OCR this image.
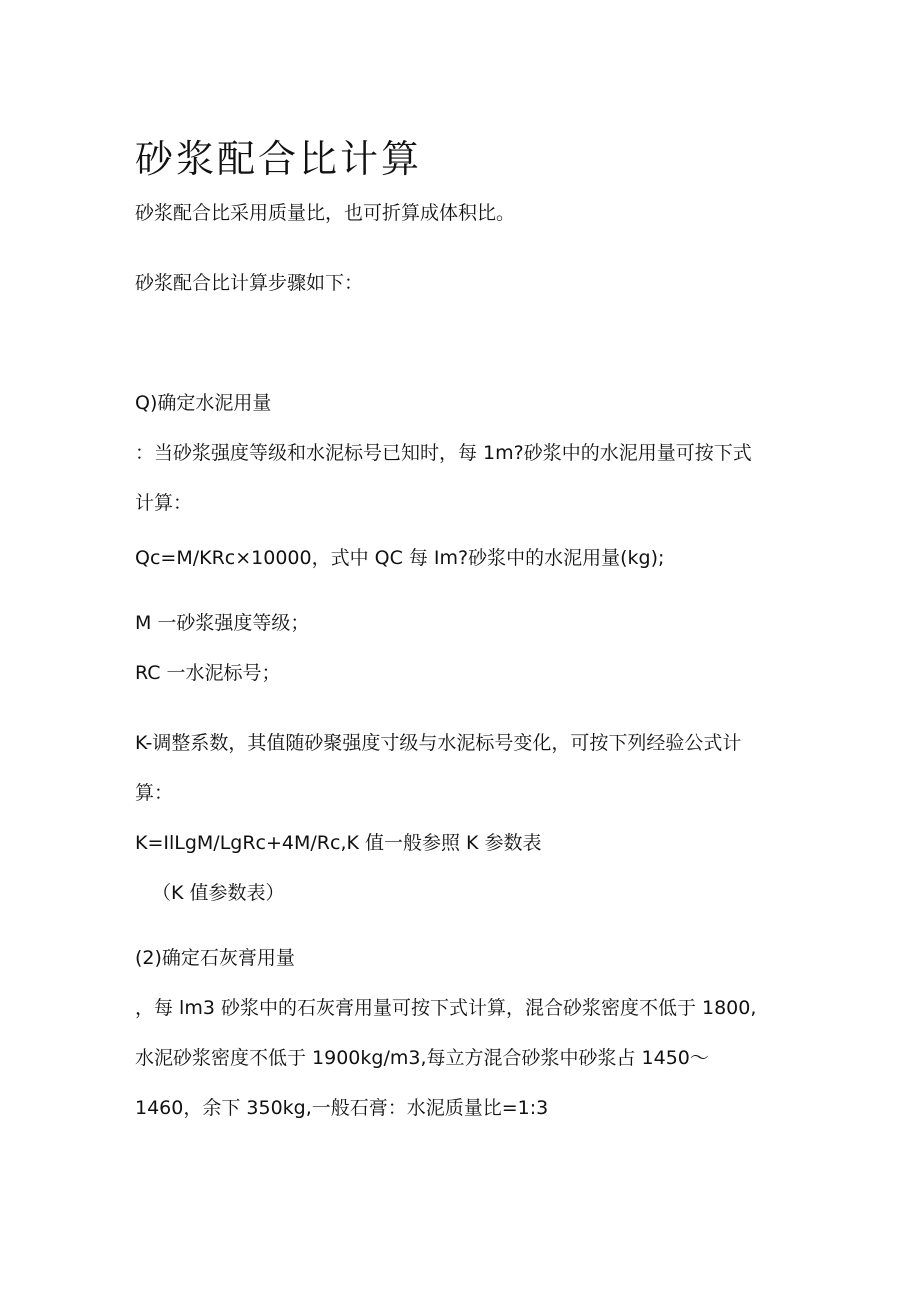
砂浆配合比计算

砂浆配合比采用质量比，也可折算成体积比。

砂浆配合比计算步骤如下：

Q)确定水泥用量

：当砂浆强度等级和水泥标号已知时，每 1m?砂浆中的水泥用量可按下式

计算：

Qc=M/KRc×10000，式中 QC 每 Im?砂浆中的水泥用量(kg);

M 一砂浆强度等级；

RC 一水泥标号；

K-调整系数，其值随砂聚强度寸级与水泥标号变化，可按下列经验公式计

算：

K=IlLgM/LgRc+4M/Rc,K 值一般参照 K 参数表

（K 值参数表）

(2)确定石灰膏用量

，每 lm3 砂浆中的石灰膏用量可按下式计算，混合砂浆密度不低于 1800,

水泥砂浆密度不低于 1900kg/m3,每立方混合砂浆中砂浆占 1450～

1460，余下 350kg,一般石膏：水泥质量比=1:3
